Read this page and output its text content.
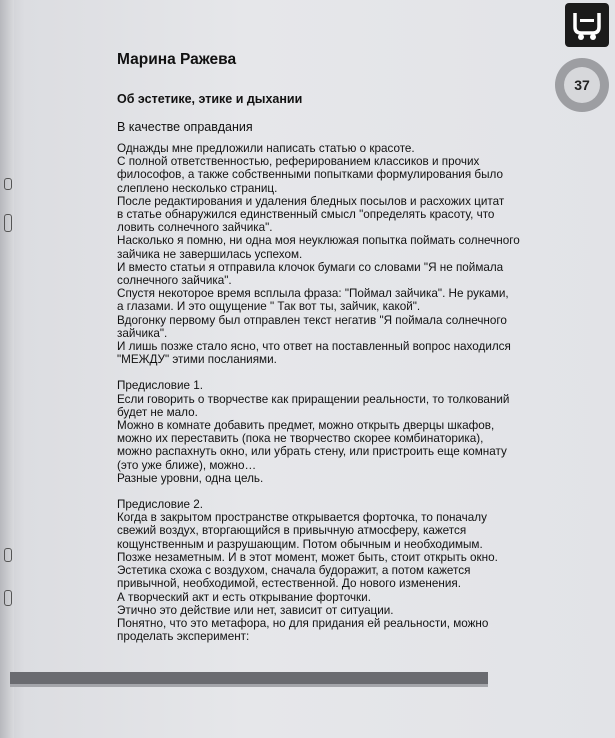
37
Марина Ражева
Об эстетике, этике и дыхании
В качестве оправдания

Однажды мне предложили написать статью о красоте.

С полной ответственностью, реферированием классиков и прочих

философов, а также собственными попытками формулирования было

слеплено несколько страниц.

После редактирования и удаления бледных посылов и расхожих цитат

в статье обнаружился единственный смысл "определять красоту, что

ловить солнечного зайчика".

Насколько я помню, ни одна моя неуклюжая попытка поймать солнечного

зайчика не завершилась успехом.

И вместо статьи я отправила клочок бумаги со словами "Я не поймала

солнечного зайчика".

Спустя некоторое время всплыла фраза: "Поймал зайчика". Не руками,

а глазами. И это ощущение " Так вот ты, зайчик, какой".

Вдогонку первому был отправлен текст негатив "Я поймала солнечного

зайчика".

И лишь позже стало ясно, что ответ на поставленный вопрос находился

"МЕЖДУ" этими посланиями.

Предисловие 1.

Если говорить о творчестве как приращении реальности, то толкований

будет не мало.

Можно в комнате добавить предмет, можно открыть дверцы шкафов,

можно их переставить (пока не творчество скорее комбинаторика),

можно распахнуть окно, или убрать стену, или пристроить еще комнату

(это уже ближе), можно…

Разные уровни, одна цель.

Предисловие 2.

Когда в закрытом пространстве открывается форточка, то поначалу

свежий воздух, вторгающийся в привычную атмосферу, кажется

кощунственным и разрушающим. Потом обычным и необходимым.

Позже незаметным. И в этот момент, может быть, стоит открыть окно.

Эстетика схожа с воздухом, сначала будоражит, а потом кажется

привычной, необходимой, естественной. До нового изменения.

А творческий акт и есть открывание форточки.

Этично это действие или нет, зависит от ситуации.

Понятно, что это метафора, но для придания ей реальности, можно

проделать эксперимент:
